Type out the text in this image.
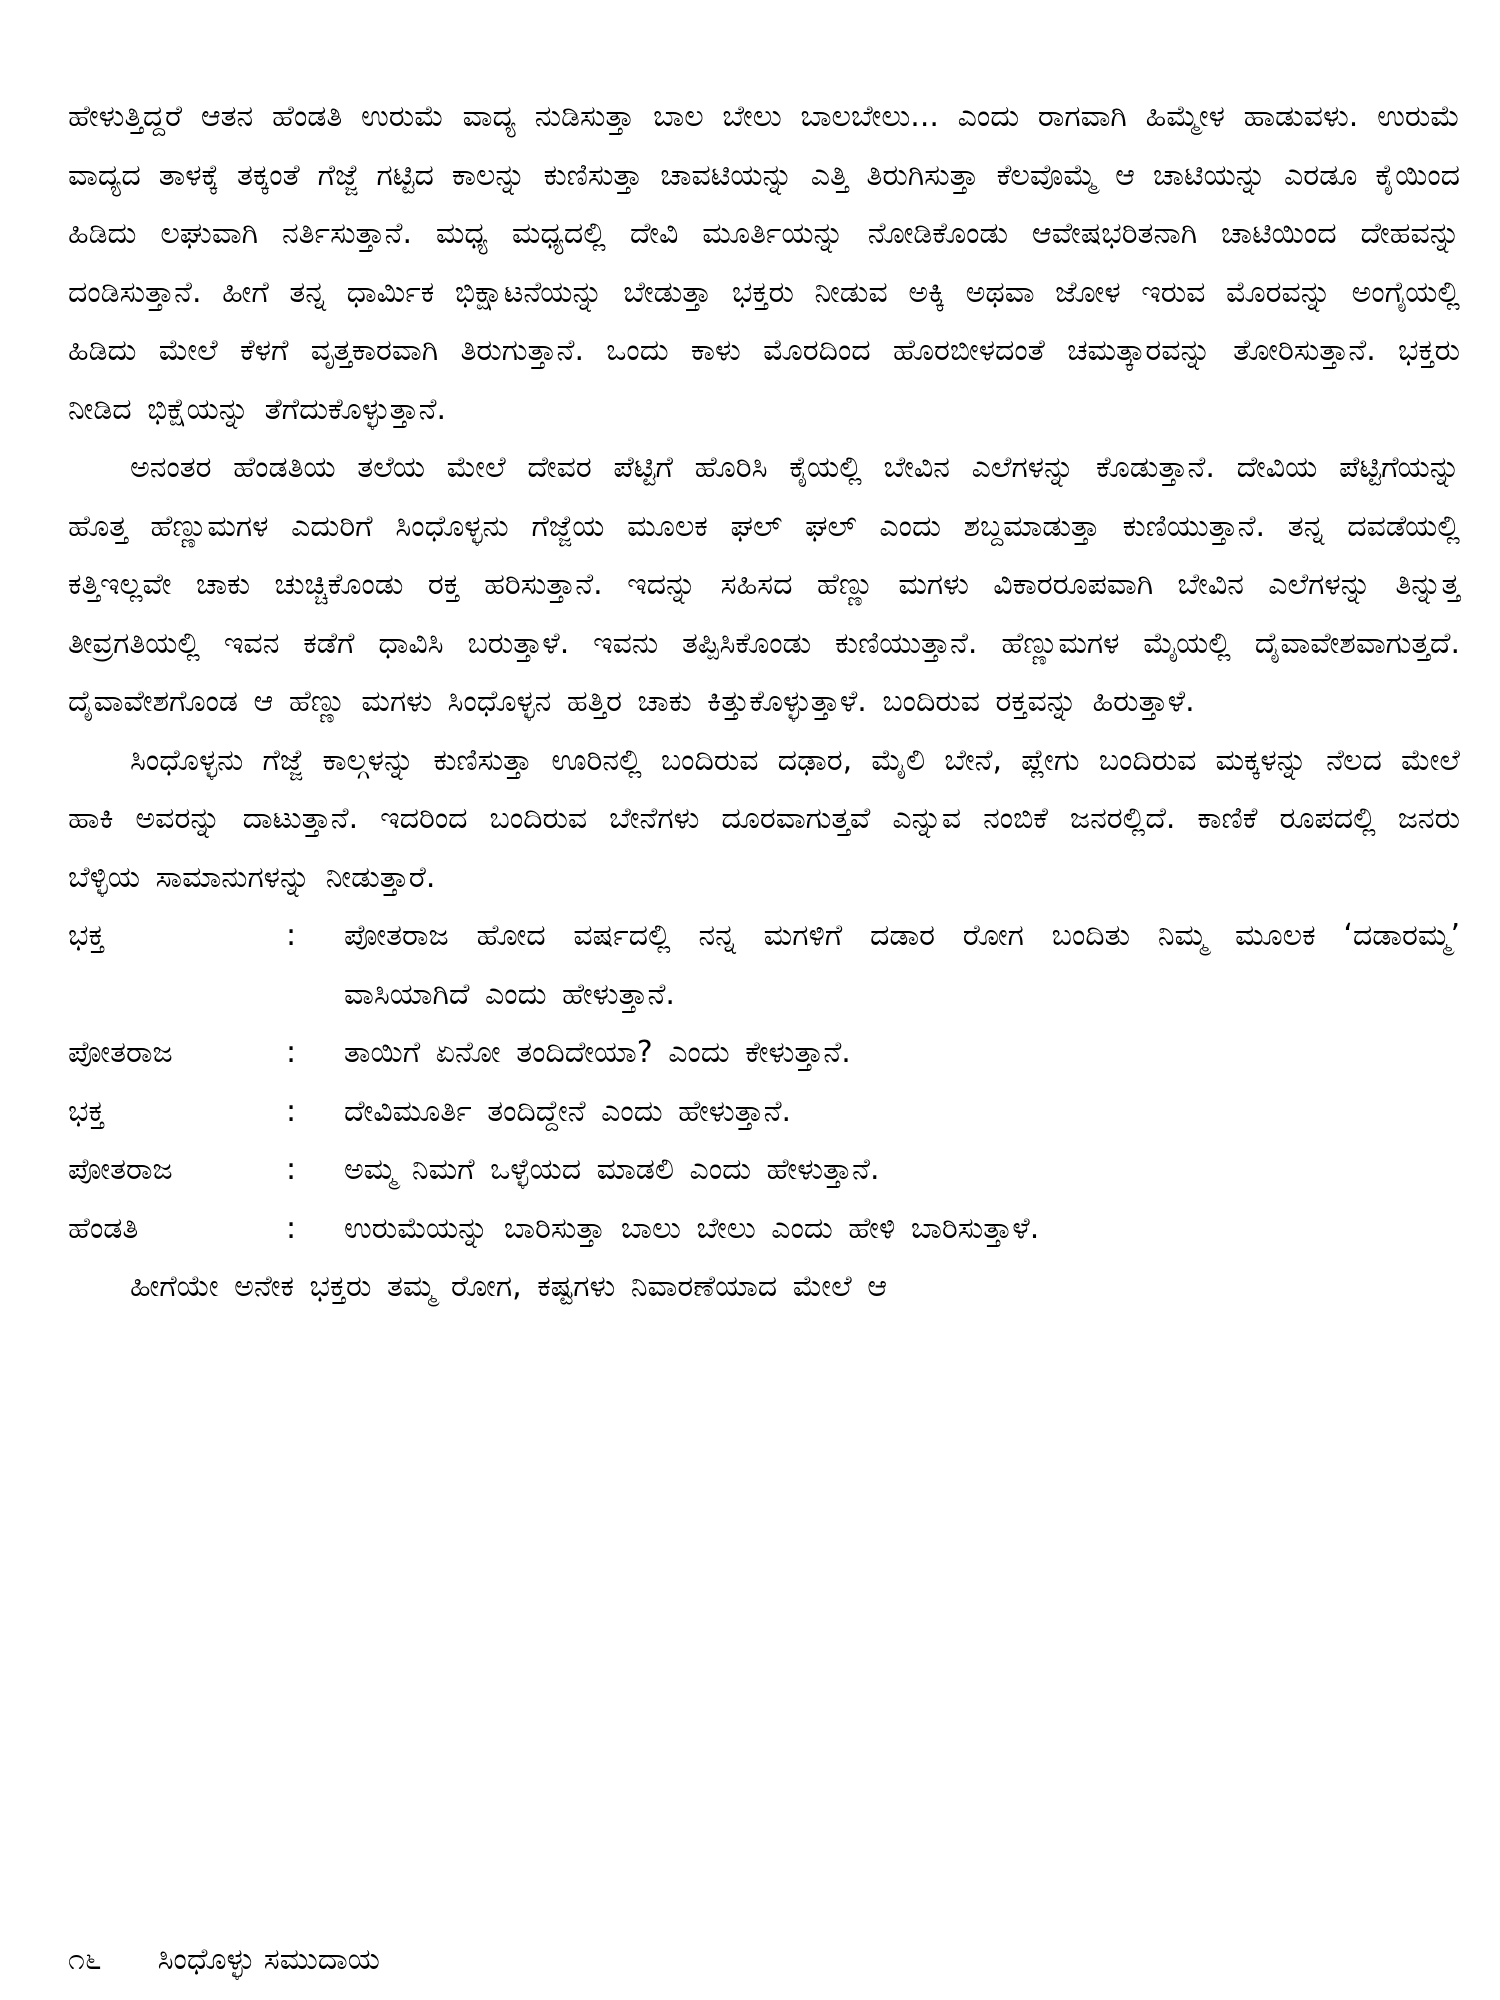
ಹೇಳುತ್ತಿದ್ದರೆ ಆತನ ಹೆಂಡತಿ ಉರುಮೆ ವಾದ್ಯ ನುಡಿಸುತ್ತಾ ಬಾಲ ಬೇಲು ಬಾಲಬೇಲು... ಎಂದು ರಾಗವಾಗಿ ಹಿಮ್ಮೇಳ ಹಾಡುವಳು. ಉರುಮೆ ವಾದ್ಯದ ತಾಳಕ್ಕೆ ತಕ್ಕಂತೆ ಗೆಜ್ಜೆ ಗಟ್ಟಿದ ಕಾಲನ್ನು ಕುಣಿಸುತ್ತಾ ಚಾವಟಿಯನ್ನು ಎತ್ತಿ ತಿರುಗಿಸುತ್ತಾ ಕೆಲವೊಮ್ಮೆ ಆ ಚಾಟಿಯನ್ನು ಎರಡೂ ಕೈಯಿಂದ ಹಿಡಿದು ಲಘುವಾಗಿ ನರ್ತಿಸುತ್ತಾನೆ. ಮಧ್ಯ ಮಧ್ಯದಲ್ಲಿ ದೇವಿ ಮೂರ್ತಿಯನ್ನು ನೋಡಿಕೊಂಡು ಆವೇಷಭರಿತನಾಗಿ ಚಾಟಿಯಿಂದ ದೇಹವನ್ನು ದಂಡಿಸುತ್ತಾನೆ. ಹೀಗೆ ತನ್ನ ಧಾರ್ಮಿಕ ಭಿಕ್ಷಾಟನೆಯನ್ನು ಬೇಡುತ್ತಾ ಭಕ್ತರು ನೀಡುವ ಅಕ್ಕಿ ಅಥವಾ ಜೋಳ ಇರುವ ಮೊರವನ್ನು ಅಂಗೈಯಲ್ಲಿ ಹಿಡಿದು ಮೇಲೆ ಕೆಳಗೆ ವೃತ್ತಕಾರವಾಗಿ ತಿರುಗುತ್ತಾನೆ. ಒಂದು ಕಾಳು ಮೊರದಿಂದ ಹೊರಬೀಳದಂತೆ ಚಮತ್ಕಾರವನ್ನು ತೋರಿಸುತ್ತಾನೆ. ಭಕ್ತರು ನೀಡಿದ ಭಿಕ್ಷೆಯನ್ನು ತೆಗೆದುಕೊಳ್ಳುತ್ತಾನೆ.

ಅನಂತರ ಹೆಂಡತಿಯ ತಲೆಯ ಮೇಲೆ ದೇವರ ಪೆಟ್ಟಿಗೆ ಹೊರಿಸಿ ಕೈಯಲ್ಲಿ ಬೇವಿನ ಎಲೆಗಳನ್ನು ಕೊಡುತ್ತಾನೆ. ದೇವಿಯ ಪೆಟ್ಟಿಗೆಯನ್ನು ಹೊತ್ತ ಹೆಣ್ಣುಮಗಳ ಎದುರಿಗೆ ಸಿಂಧೊಳ್ಳನು ಗೆಜ್ಜೆಯ ಮೂಲಕ ಘಲ್ ಘಲ್ ಎಂದು ಶಬ್ದಮಾಡುತ್ತಾ ಕುಣಿಯುತ್ತಾನೆ. ತನ್ನ ದವಡೆಯಲ್ಲಿ ಕತ್ತಿಇಲ್ಲವೇ ಚಾಕು ಚುಚ್ಚಿಕೊಂಡು ರಕ್ತ ಹರಿಸುತ್ತಾನೆ. ಇದನ್ನು ಸಹಿಸದ ಹೆಣ್ಣು ಮಗಳು ವಿಕಾರರೂಪವಾಗಿ ಬೇವಿನ ಎಲೆಗಳನ್ನು ತಿನ್ನುತ್ತ ತೀವ್ರಗತಿಯಲ್ಲಿ ಇವನ ಕಡೆಗೆ ಧಾವಿಸಿ ಬರುತ್ತಾಳೆ. ಇವನು ತಪ್ಪಿಸಿಕೊಂಡು ಕುಣಿಯುತ್ತಾನೆ. ಹೆಣ್ಣುಮಗಳ ಮೈಯಲ್ಲಿ ದೈವಾವೇಶವಾಗುತ್ತದೆ. ದೈವಾವೇಶಗೊಂಡ ಆ ಹೆಣ್ಣು ಮಗಳು ಸಿಂಧೊಳ್ಳನ ಹತ್ತಿರ ಚಾಕು ಕಿತ್ತುಕೊಳ್ಳುತ್ತಾಳೆ. ಬಂದಿರುವ ರಕ್ತವನ್ನು ಹಿರುತ್ತಾಳೆ.

ಸಿಂಧೊಳ್ಳನು ಗೆಜ್ಜೆ ಕಾಲ್ಗಳನ್ನು ಕುಣಿಸುತ್ತಾ ಊರಿನಲ್ಲಿ ಬಂದಿರುವ ದಢಾರ, ಮೈಲಿ ಬೇನೆ, ಪ್ಲೇಗು ಬಂದಿರುವ ಮಕ್ಕಳನ್ನು ನೆಲದ ಮೇಲೆ ಹಾಕಿ ಅವರನ್ನು ದಾಟುತ್ತಾನೆ. ಇದರಿಂದ ಬಂದಿರುವ ಬೇನೆಗಳು ದೂರವಾಗುತ್ತವೆ ಎನ್ನುವ ನಂಬಿಕೆ ಜನರಲ್ಲಿದೆ. ಕಾಣಿಕೆ ರೂಪದಲ್ಲಿ ಜನರು ಬೆಳ್ಳಿಯ ಸಾಮಾನುಗಳನ್ನು ನೀಡುತ್ತಾರೆ.

ಭಕ್ತ	:	ಪೋತರಾಜ ಹೋದ ವರ್ಷದಲ್ಲಿ ನನ್ನ ಮಗಳಿಗೆ ದಡಾರ ರೋಗ ಬಂದಿತು ನಿಮ್ಮ ಮೂಲಕ ‘ದಡಾರಮ್ಮ’ ವಾಸಿಯಾಗಿದೆ ಎಂದು ಹೇಳುತ್ತಾನೆ.
ಪೋತರಾಜ	:	ತಾಯಿಗೆ ಏನೋ ತಂದಿದೇಯಾ? ಎಂದು ಕೇಳುತ್ತಾನೆ.
ಭಕ್ತ	:	ದೇವಿಮೂರ್ತಿ ತಂದಿದ್ದೇನೆ ಎಂದು ಹೇಳುತ್ತಾನೆ.
ಪೋತರಾಜ	:	ಅಮ್ಮ ನಿಮಗೆ ಒಳ್ಳೆಯದ ಮಾಡಲಿ ಎಂದು ಹೇಳುತ್ತಾನೆ.
ಹೆಂಡತಿ	:	ಉರುಮೆಯನ್ನು ಬಾರಿಸುತ್ತಾ ಬಾಲು ಬೇಲು ಎಂದು ಹೇಳಿ ಬಾರಿಸುತ್ತಾಳೆ.

ಹೀಗೆಯೇ ಅನೇಕ ಭಕ್ತರು ತಮ್ಮ ರೋಗ, ಕಷ್ಟಗಳು ನಿವಾರಣೆಯಾದ ಮೇಲೆ ಆ

೧೬ ಸಿಂಧೊಳ್ಳು ಸಮುದಾಯ
